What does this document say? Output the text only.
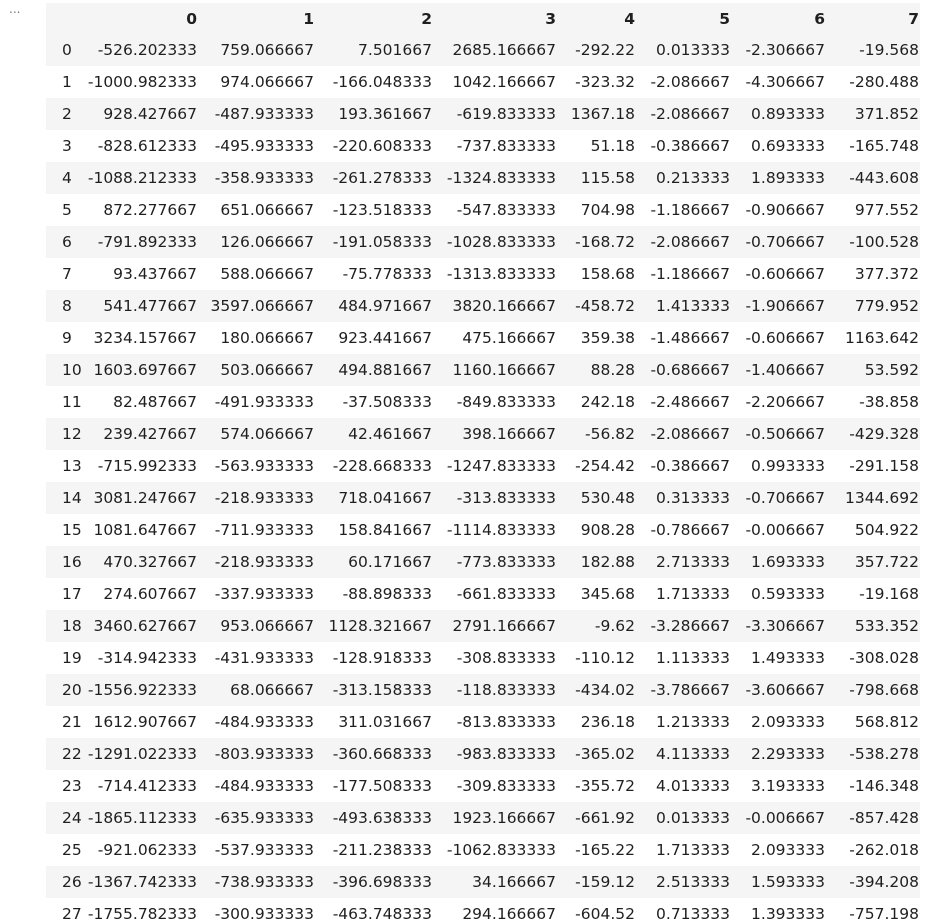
...
	0	1	2	3	4	5	6	7
0	-526.202333	759.066667	7.501667	2685.166667	-292.22	0.013333	-2.306667	-19.568
1	-1000.982333	974.066667	-166.048333	1042.166667	-323.32	-2.086667	-4.306667	-280.488
2	928.427667	-487.933333	193.361667	-619.833333	1367.18	-2.086667	0.893333	371.852
3	-828.612333	-495.933333	-220.608333	-737.833333	51.18	-0.386667	0.693333	-165.748
4	-1088.212333	-358.933333	-261.278333	-1324.833333	115.58	0.213333	1.893333	-443.608
5	872.277667	651.066667	-123.518333	-547.833333	704.98	-1.186667	-0.906667	977.552
6	-791.892333	126.066667	-191.058333	-1028.833333	-168.72	-2.086667	-0.706667	-100.528
7	93.437667	588.066667	-75.778333	-1313.833333	158.68	-1.186667	-0.606667	377.372
8	541.477667	3597.066667	484.971667	3820.166667	-458.72	1.413333	-1.906667	779.952
9	3234.157667	180.066667	923.441667	475.166667	359.38	-1.486667	-0.606667	1163.642
10	1603.697667	503.066667	494.881667	1160.166667	88.28	-0.686667	-1.406667	53.592
11	82.487667	-491.933333	-37.508333	-849.833333	242.18	-2.486667	-2.206667	-38.858
12	239.427667	574.066667	42.461667	398.166667	-56.82	-2.086667	-0.506667	-429.328
13	-715.992333	-563.933333	-228.668333	-1247.833333	-254.42	-0.386667	0.993333	-291.158
14	3081.247667	-218.933333	718.041667	-313.833333	530.48	0.313333	-0.706667	1344.692
15	1081.647667	-711.933333	158.841667	-1114.833333	908.28	-0.786667	-0.006667	504.922
16	470.327667	-218.933333	60.171667	-773.833333	182.88	2.713333	1.693333	357.722
17	274.607667	-337.933333	-88.898333	-661.833333	345.68	1.713333	0.593333	-19.168
18	3460.627667	953.066667	1128.321667	2791.166667	-9.62	-3.286667	-3.306667	533.352
19	-314.942333	-431.933333	-128.918333	-308.833333	-110.12	1.113333	1.493333	-308.028
20	-1556.922333	68.066667	-313.158333	-118.833333	-434.02	-3.786667	-3.606667	-798.668
21	1612.907667	-484.933333	311.031667	-813.833333	236.18	1.213333	2.093333	568.812
22	-1291.022333	-803.933333	-360.668333	-983.833333	-365.02	4.113333	2.293333	-538.278
23	-714.412333	-484.933333	-177.508333	-309.833333	-355.72	4.013333	3.193333	-146.348
24	-1865.112333	-635.933333	-493.638333	1923.166667	-661.92	0.013333	-0.006667	-857.428
25	-921.062333	-537.933333	-211.238333	-1062.833333	-165.22	1.713333	2.093333	-262.018
26	-1367.742333	-738.933333	-396.698333	34.166667	-159.12	2.513333	1.593333	-394.208
27	-1755.782333	-300.933333	-463.748333	294.166667	-604.52	0.713333	1.393333	-757.198
